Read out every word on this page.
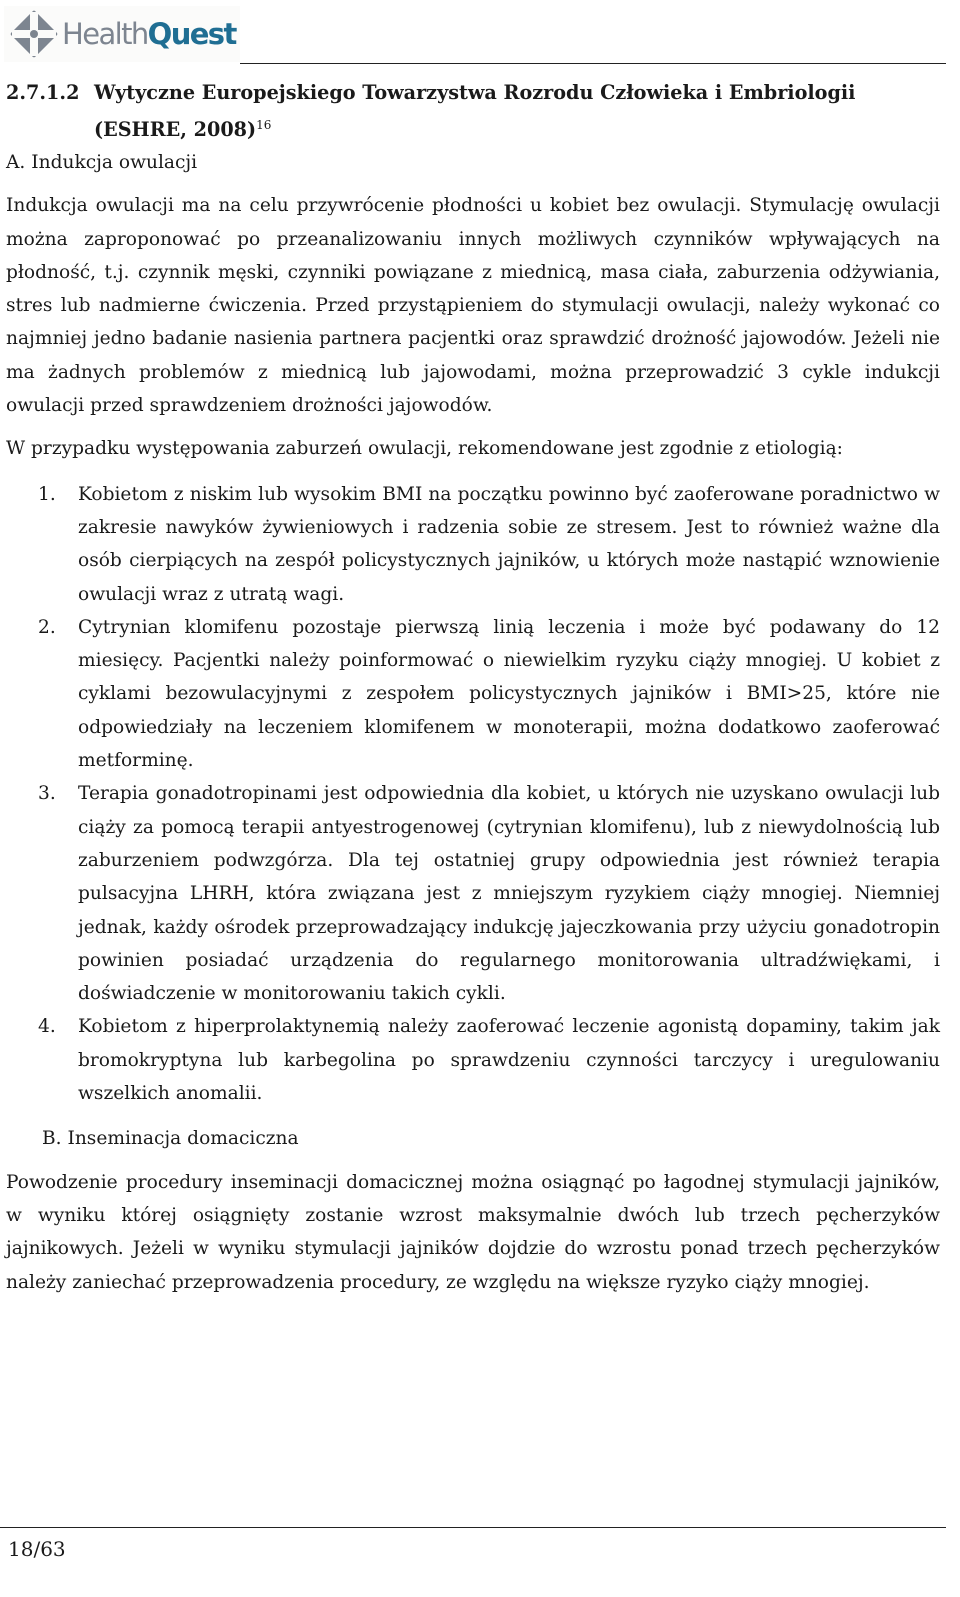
HealthQuest
2.7.1.2 Wytyczne Europejskiego Towarzystwa Rozrodu Człowieka i Embriologii (ESHRE, 2008)$^{16}$

A. Indukcja owulacji

Indukcja owulacji ma na celu przywrócenie płodności u kobiet bez owulacji. Stymulację owulacji można zaproponować po przeanalizowaniu innych możliwych czynników wpływających na płodność, t.j. czynnik męski, czynniki powiązane z miednicą, masa ciała, zaburzenia odżywiania, stres lub nadmierne ćwiczenia. Przed przystąpieniem do stymulacji owulacji, należy wykonać co najmniej jedno badanie nasienia partnera pacjentki oraz sprawdzić drożność jajowodów. Jeżeli nie ma żadnych problemów z miednicą lub jajowodami, można przeprowadzić 3 cykle indukcji owulacji przed sprawdzeniem drożności jajowodów.

W przypadku występowania zaburzeń owulacji, rekomendowane jest zgodnie z etiologią:

1. Kobietom z niskim lub wysokim BMI na początku powinno być zaoferowane poradnictwo w zakresie nawyków żywieniowych i radzenia sobie ze stresem. Jest to również ważne dla osób cierpiących na zespół policystycznych jajników, u których może nastąpić wznowienie owulacji wraz z utratą wagi.
2. Cytrynian klomifenu pozostaje pierwszą linią leczenia i może być podawany do 12 miesięcy. Pacjentki należy poinformować o niewielkim ryzyku ciąży mnogiej. U kobiet z cyklami bezowulacyjnymi z zespołem policystycznych jajników i BMI>25, które nie odpowiedziały na leczeniem klomifenem w monoterapii, można dodatkowo zaoferować metforminę.
3. Terapia gonadotropinami jest odpowiednia dla kobiet, u których nie uzyskano owulacji lub ciąży za pomocą terapii antyestrogenowej (cytrynian klomifenu), lub z niewydolnością lub zaburzeniem podwzgórza. Dla tej ostatniej grupy odpowiednia jest również terapia pulsacyjna LHRH, która związana jest z mniejszym ryzykiem ciąży mnogiej. Niemniej jednak, każdy ośrodek przeprowadzający indukcję jajeczkowania przy użyciu gonadotropin powinien posiadać urządzenia do regularnego monitorowania ultradźwiękami, i doświadczenie w monitorowaniu takich cykli.
4. Kobietom z hiperprolaktynemią należy zaoferować leczenie agonistą dopaminy, takim jak bromokryptyna lub karbegolina po sprawdzeniu czynności tarczycy i uregulowaniu wszelkich anomalii.

B. Inseminacja domaciczna

Powodzenie procedury inseminacji domacicznej można osiągnąć po łagodnej stymulacji jajników, w wyniku której osiągnięty zostanie wzrost maksymalnie dwóch lub trzech pęcherzyków jajnikowych. Jeżeli w wyniku stymulacji jajników dojdzie do wzrostu ponad trzech pęcherzyków należy zaniechać przeprowadzenia procedury, ze względu na większe ryzyko ciąży mnogiej.

18/63
